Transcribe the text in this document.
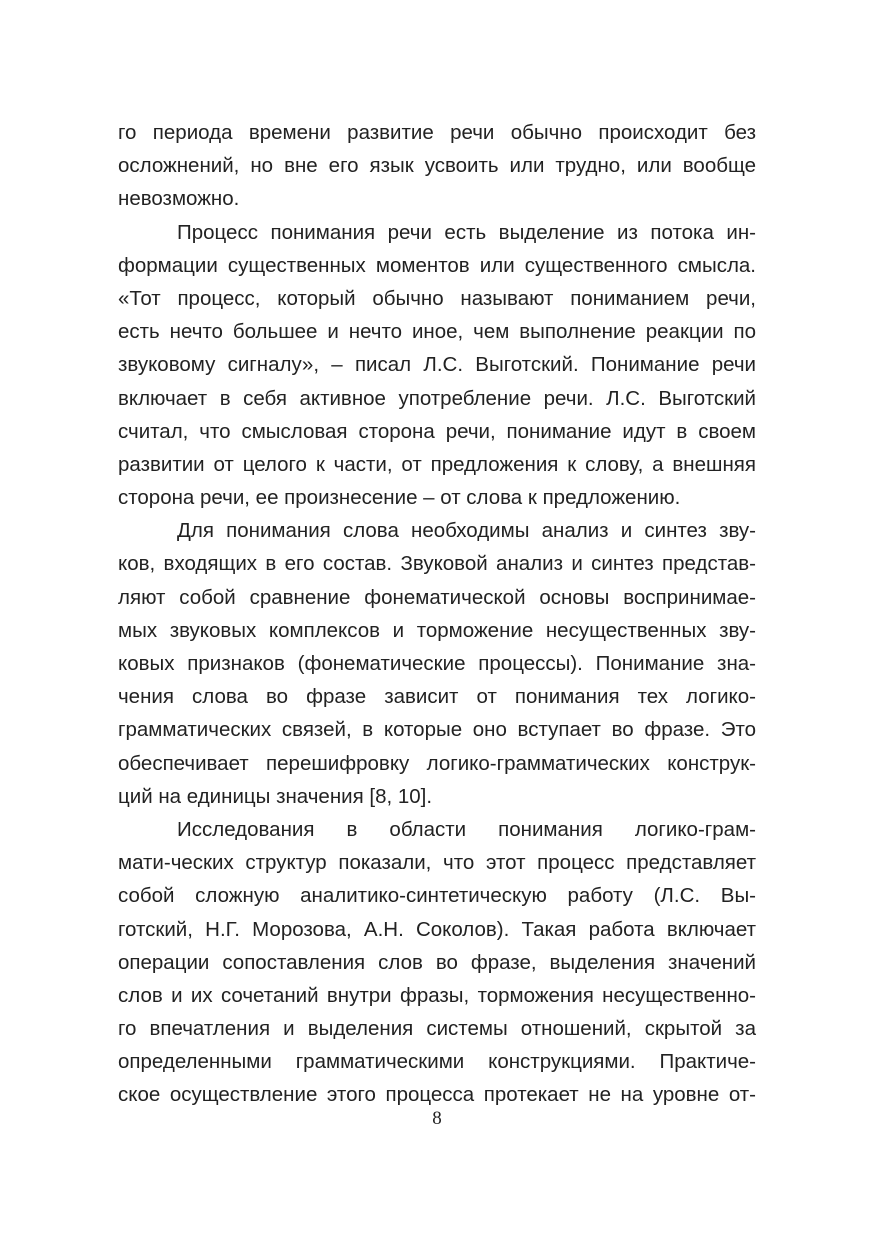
го периода времени развитие речи обычно происходит без
осложнений, но вне его язык усвоить или трудно, или вообще
невозможно.
Процесс понимания речи есть выделение из потока ин-
формации существенных моментов или существенного смысла.
«Тот процесс, который обычно называют пониманием речи,
есть нечто большее и нечто иное, чем выполнение реакции по
звуковому сигналу», – писал Л.С. Выготский. Понимание речи
включает в себя активное употребление речи. Л.С. Выготский
считал, что смысловая сторона речи, понимание идут в своем
развитии от целого к части, от предложения к слову, а внешняя
сторона речи, ее произнесение – от слова к предложению.
Для понимания слова необходимы анализ и синтез зву-
ков, входящих в его состав. Звуковой анализ и синтез представ-
ляют собой сравнение фонематической основы воспринимае-
мых звуковых комплексов и торможение несущественных зву-
ковых признаков (фонематические процессы). Понимание зна-
чения слова во фразе зависит от понимания тех логико-
грамматических связей, в которые оно вступает во фразе. Это
обеспечивает перешифровку логико-грамматических конструк-
ций на единицы значения [8, 10].
Исследования в области понимания логико-грам-
мати-ческих структур показали, что этот процесс представляет
собой сложную аналитико-синтетическую работу (Л.С. Вы-
готский, Н.Г. Морозова, А.Н. Соколов). Такая работа включает
операции сопоставления слов во фразе, выделения значений
слов и их сочетаний внутри фразы, торможения несущественно-
го впечатления и выделения системы отношений, скрытой за
определенными грамматическими конструкциями. Практиче-
ское осуществление этого процесса протекает не на уровне от-
8
